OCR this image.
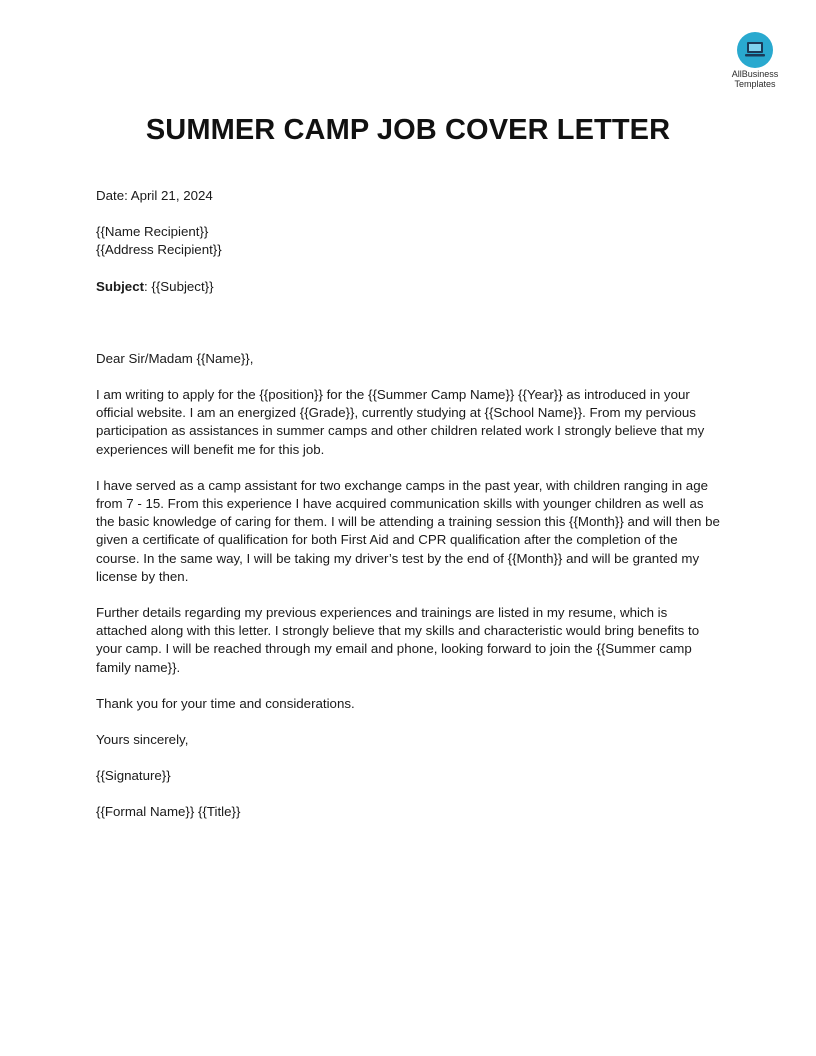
AllBusiness
Templates
SUMMER CAMP JOB COVER LETTER

Date: April 21, 2024

{{Name Recipient}}

{{Address Recipient}}

Subject: {{Subject}}

Dear Sir/Madam {{Name}},

I am writing to apply for the {{position}} for the {{Summer Camp Name}} {{Year}} as introduced in your official website. I am an energized {{Grade}}, currently studying at {{School Name}}. From my pervious participation as assistances in summer camps and other children related work I strongly believe that my experiences will benefit me for this job.

I have served as a camp assistant for two exchange camps in the past year, with children ranging in age from 7 - 15. From this experience I have acquired communication skills with younger children as well as the basic knowledge of caring for them. I will be attending a training session this {{Month}} and will then be given a certificate of qualification for both First Aid and CPR qualification after the completion of the course. In the same way, I will be taking my driver’s test by the end of {{Month}} and will be granted my license by then.

Further details regarding my previous experiences and trainings are listed in my resume, which is attached along with this letter. I strongly believe that my skills and characteristic would bring benefits to your camp. I will be reached through my email and phone, looking forward to join the {{Summer camp family name}}.

Thank you for your time and considerations.

Yours sincerely,

{{Signature}}

{{Formal Name}} {{Title}}
